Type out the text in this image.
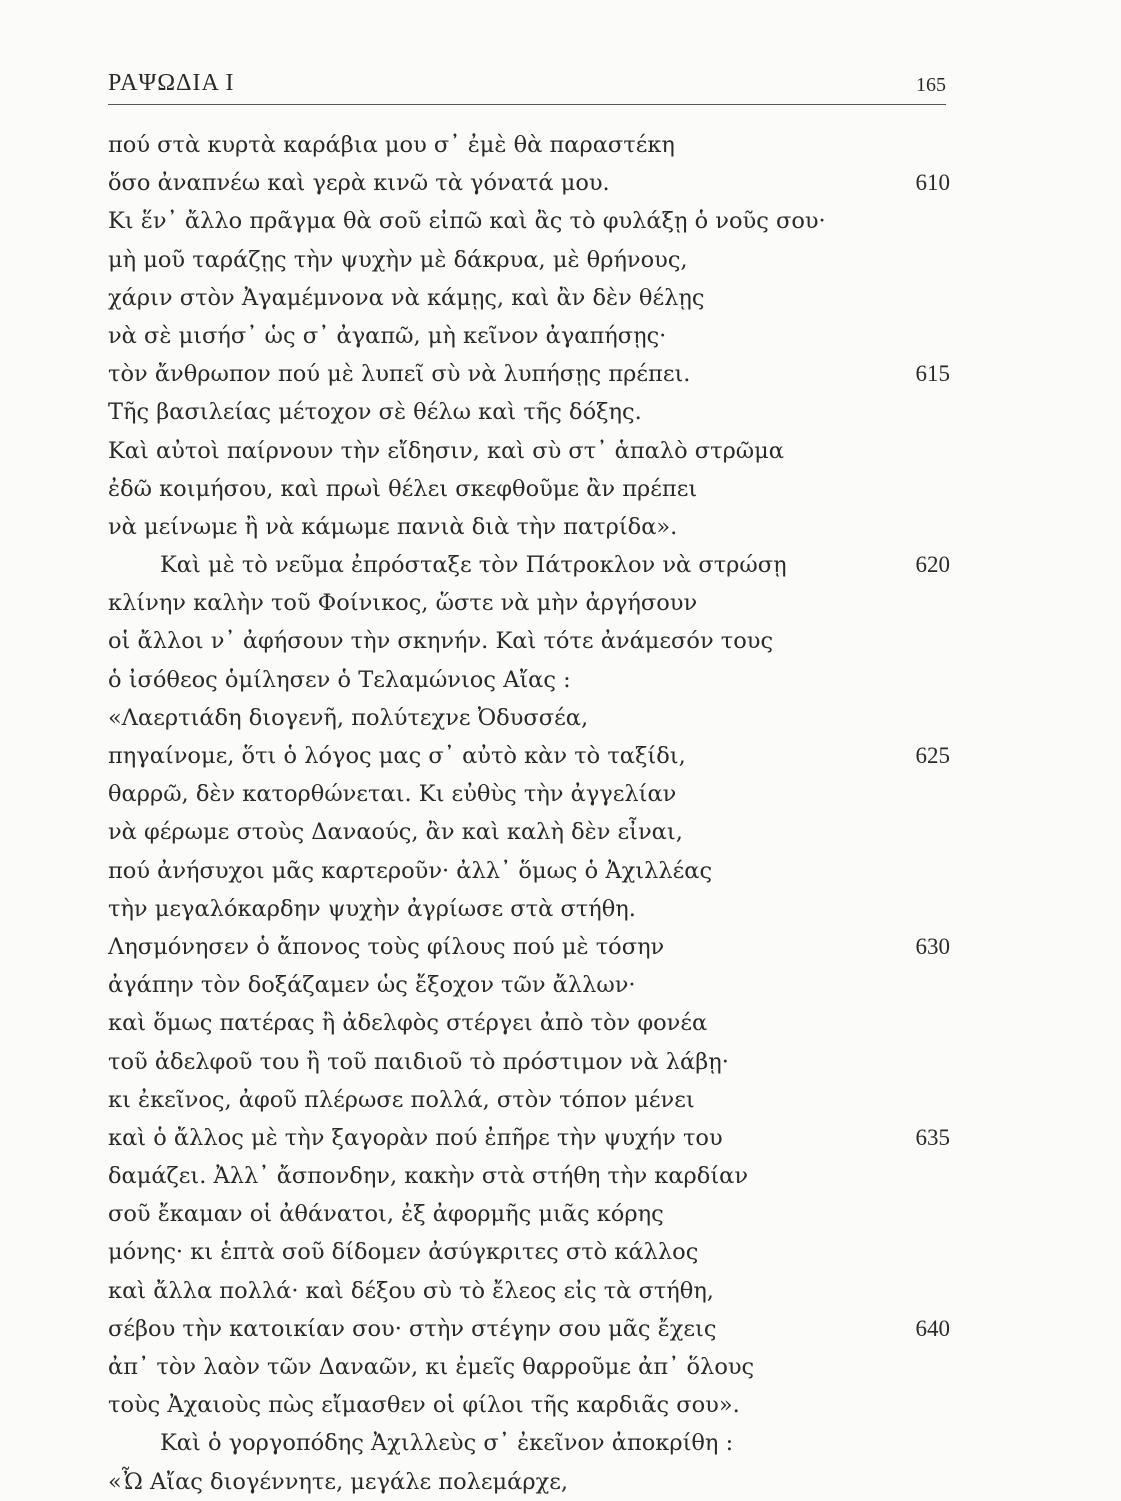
ΡΑΨΩΔΙΑ Ι	165
πού στὰ κυρτὰ καράβια μου σ᾽ ἐμὲ θὰ παραστέκη
ὅσο ἀναπνέω καὶ γερὰ κινῶ τὰ γόνατά μου.	610
Κι ἕν᾽ ἄλλο πρᾶγμα θὰ σοῦ εἰπῶ καὶ ἂς τὸ φυλάξῃ ὁ νοῦς σου·
μὴ μοῦ ταράζῃς τὴν ψυχὴν μὲ δάκρυα, μὲ θρήνους,
χάριν στὸν Ἀγαμέμνονα νὰ κάμῃς, καὶ ἂν δὲν θέλῃς
νὰ σὲ μισήσ᾽ ὡς σ᾽ ἀγαπῶ, μὴ κεῖνον ἀγαπήσῃς·
τὸν ἄνθρωπον πού μὲ λυπεῖ σὺ νὰ λυπήσῃς πρέπει.	615
Τῆς βασιλείας μέτοχον σὲ θέλω καὶ τῆς δόξης.
Καὶ αὐτοὶ παίρνουν τὴν εἴδησιν, καὶ σὺ στ᾽ ἁπαλὸ στρῶμα
ἐδῶ κοιμήσου, καὶ πρωὶ θέλει σκεφθοῦμε ἂν πρέπει
νὰ μείνωμε ἢ νὰ κάμωμε πανιὰ διὰ τὴν πατρίδα».
Καὶ μὲ τὸ νεῦμα ἐπρόσταξε τὸν Πάτροκλον νὰ στρώσῃ	620
κλίνην καλὴν τοῦ Φοίνικος, ὥστε νὰ μὴν ἀργήσουν
οἱ ἄλλοι ν᾽ ἀφήσουν τὴν σκηνήν. Καὶ τότε ἀνάμεσόν τους
ὁ ἰσόθεος ὁμίλησεν ὁ Τελαμώνιος Αἴας :
«Λαερτιάδη διογενῆ, πολύτεχνε Ὀδυσσέα,
πηγαίνομε, ὅτι ὁ λόγος μας σ᾽ αὐτὸ κὰν τὸ ταξίδι,	625
θαρρῶ, δὲν κατορθώνεται. Κι εὐθὺς τὴν ἀγγελίαν
νὰ φέρωμε στοὺς Δαναούς, ἂν καὶ καλὴ δὲν εἶναι,
πού ἀνήσυχοι μᾶς καρτεροῦν· ἀλλ᾽ ὅμως ὁ Ἀχιλλέας
τὴν μεγαλόκαρδην ψυχὴν ἀγρίωσε στὰ στήθη.
Λησμόνησεν ὁ ἄπονος τοὺς φίλους πού μὲ τόσην	630
ἀγάπην τὸν δοξάζαμεν ὡς ἔξοχον τῶν ἄλλων·
καὶ ὅμως πατέρας ἢ ἀδελφὸς στέργει ἀπὸ τὸν φονέα
τοῦ ἀδελφοῦ του ἢ τοῦ παιδιοῦ τὸ πρόστιμον νὰ λάβῃ·
κι ἐκεῖνος, ἀφοῦ πλέρωσε πολλά, στὸν τόπον μένει
καὶ ὁ ἄλλος μὲ τὴν ξαγορὰν πού ἐπῆρε τὴν ψυχήν του	635
δαμάζει. Ἀλλ᾽ ἄσπονδην, κακὴν στὰ στήθη τὴν καρδίαν
σοῦ ἔκαμαν οἱ ἀθάνατοι, ἐξ ἀφορμῆς μιᾶς κόρης
μόνης· κι ἑπτὰ σοῦ δίδομεν ἀσύγκριτες στὸ κάλλος
καὶ ἄλλα πολλά· καὶ δέξου σὺ τὸ ἔλεος εἰς τὰ στήθη,
σέβου τὴν κατοικίαν σου· στὴν στέγην σου μᾶς ἔχεις	640
ἀπ᾽ τὸν λαὸν τῶν Δαναῶν, κι ἐμεῖς θαρροῦμε ἀπ᾽ ὅλους
τοὺς Ἀχαιοὺς πὼς εἴμασθεν οἱ φίλοι τῆς καρδιᾶς σου».
Καὶ ὁ γοργοπόδης Ἀχιλλεὺς σ᾽ ἐκεῖνον ἀποκρίθη :
«Ὦ Αἴας διογέννητε, μεγάλε πολεμάρχε,
